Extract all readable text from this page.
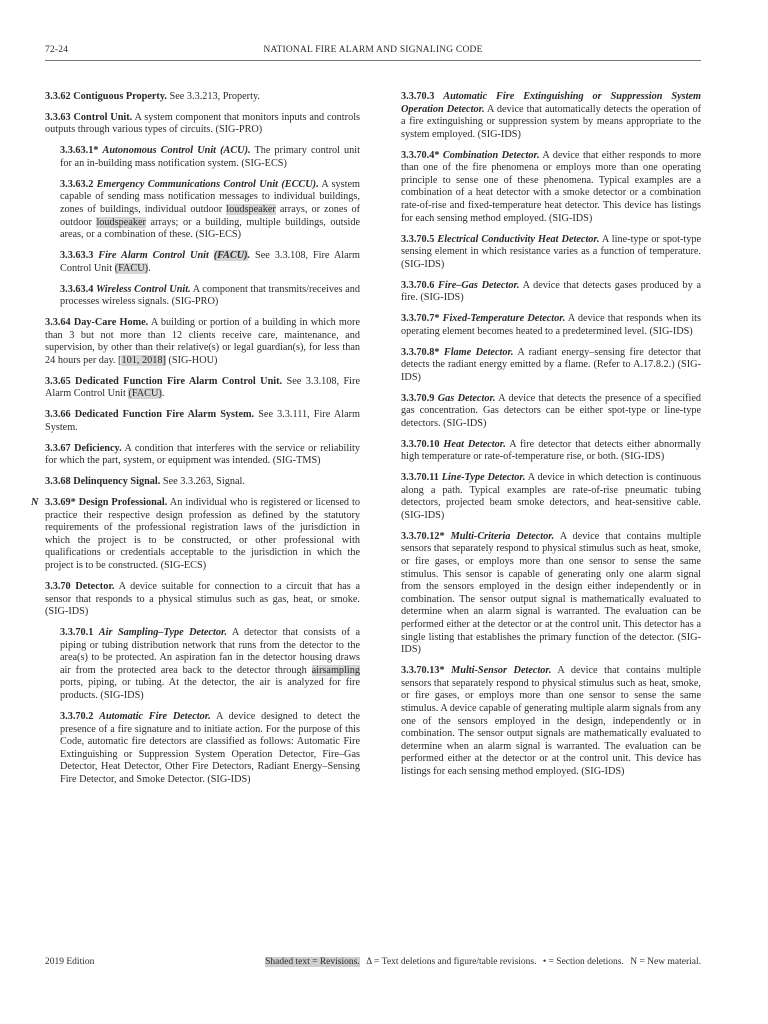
72-24	NATIONAL FIRE ALARM AND SIGNALING CODE

3.3.62 Contiguous Property. See 3.3.213, Property.

3.3.63 Control Unit. A system component that monitors inputs and controls outputs through various types of circuits. (SIG-PRO)

3.3.63.1* Autonomous Control Unit (ACU). The primary control unit for an in-building mass notification system. (SIG-ECS)

3.3.63.2 Emergency Communications Control Unit (ECCU). A system capable of sending mass notification messages to individual buildings, zones of buildings, individual outdoor loudspeaker arrays, or zones of outdoor loudspeaker arrays; or a building, multiple buildings, outside areas, or a combination of these. (SIG-ECS)

3.3.63.3 Fire Alarm Control Unit (FACU). See 3.3.108, Fire Alarm Control Unit (FACU).

3.3.63.4 Wireless Control Unit. A component that transmits/receives and processes wireless signals. (SIG-PRO)

3.3.64 Day-Care Home. A building or portion of a building in which more than 3 but not more than 12 clients receive care, maintenance, and supervision, by other than their relative(s) or legal guardian(s), for less than 24 hours per day. [101, 2018] (SIG-HOU)

3.3.65 Dedicated Function Fire Alarm Control Unit. See 3.3.108, Fire Alarm Control Unit (FACU).

3.3.66 Dedicated Function Fire Alarm System. See 3.3.111, Fire Alarm System.

3.3.67 Deficiency. A condition that interferes with the service or reliability for which the part, system, or equipment was intended. (SIG-TMS)

3.3.68 Delinquency Signal. See 3.3.263, Signal.

N 3.3.69* Design Professional. An individual who is registered or licensed to practice their respective design profession as defined by the statutory requirements of the professional registration laws of the jurisdiction in which the project is to be constructed, or other professional with qualifications or credentials acceptable to the jurisdiction in which the project is to be constructed. (SIG-ECS)

3.3.70 Detector. A device suitable for connection to a circuit that has a sensor that responds to a physical stimulus such as gas, heat, or smoke. (SIG-IDS)

3.3.70.1 Air Sampling–Type Detector. A detector that consists of a piping or tubing distribution network that runs from the detector to the area(s) to be protected. An aspiration fan in the detector housing draws air from the protected area back to the detector through airsampling ports, piping, or tubing. At the detector, the air is analyzed for fire products. (SIG-IDS)

3.3.70.2 Automatic Fire Detector. A device designed to detect the presence of a fire signature and to initiate action. For the purpose of this Code, automatic fire detectors are classified as follows: Automatic Fire Extinguishing or Suppression System Operation Detector, Fire–Gas Detector, Heat Detector, Other Fire Detectors, Radiant Energy–Sensing Fire Detector, and Smoke Detector. (SIG-IDS)

3.3.70.3 Automatic Fire Extinguishing or Suppression System Operation Detector. A device that automatically detects the operation of a fire extinguishing or suppression system by means appropriate to the system employed. (SIG-IDS)

3.3.70.4* Combination Detector. A device that either responds to more than one of the fire phenomena or employs more than one operating principle to sense one of these phenomena. Typical examples are a combination of a heat detector with a smoke detector or a combination rate-of-rise and fixed-temperature heat detector. This device has listings for each sensing method employed. (SIG-IDS)

3.3.70.5 Electrical Conductivity Heat Detector. A line-type or spot-type sensing element in which resistance varies as a function of temperature. (SIG-IDS)

3.3.70.6 Fire–Gas Detector. A device that detects gases produced by a fire. (SIG-IDS)

3.3.70.7* Fixed-Temperature Detector. A device that responds when its operating element becomes heated to a predetermined level. (SIG-IDS)

3.3.70.8* Flame Detector. A radiant energy–sensing fire detector that detects the radiant energy emitted by a flame. (Refer to A.17.8.2.) (SIG-IDS)

3.3.70.9 Gas Detector. A device that detects the presence of a specified gas concentration. Gas detectors can be either spot-type or line-type detectors. (SIG-IDS)

3.3.70.10 Heat Detector. A fire detector that detects either abnormally high temperature or rate-of-temperature rise, or both. (SIG-IDS)

3.3.70.11 Line-Type Detector. A device in which detection is continuous along a path. Typical examples are rate-of-rise pneumatic tubing detectors, projected beam smoke detectors, and heat-sensitive cable. (SIG-IDS)

3.3.70.12* Multi-Criteria Detector. A device that contains multiple sensors that separately respond to physical stimulus such as heat, smoke, or fire gases, or employs more than one sensor to sense the same stimulus. This sensor is capable of generating only one alarm signal from the sensors employed in the design either independently or in combination. The sensor output signal is mathematically evaluated to determine when an alarm signal is warranted. The evaluation can be performed either at the detector or at the control unit. This detector has a single listing that establishes the primary function of the detector. (SIG-IDS)

3.3.70.13* Multi-Sensor Detector. A device that contains multiple sensors that separately respond to physical stimulus such as heat, smoke, or fire gases, or employs more than one sensor to sense the same stimulus. A device capable of generating multiple alarm signals from any one of the sensors employed in the design, independently or in combination. The sensor output signals are mathematically evaluated to determine when an alarm signal is warranted. The evaluation can be performed either at the detector or at the control unit. This device has listings for each sensing method employed. (SIG-IDS)

2019 Edition	Shaded text = Revisions. Δ = Text deletions and figure/table revisions. • = Section deletions. N = New material.
